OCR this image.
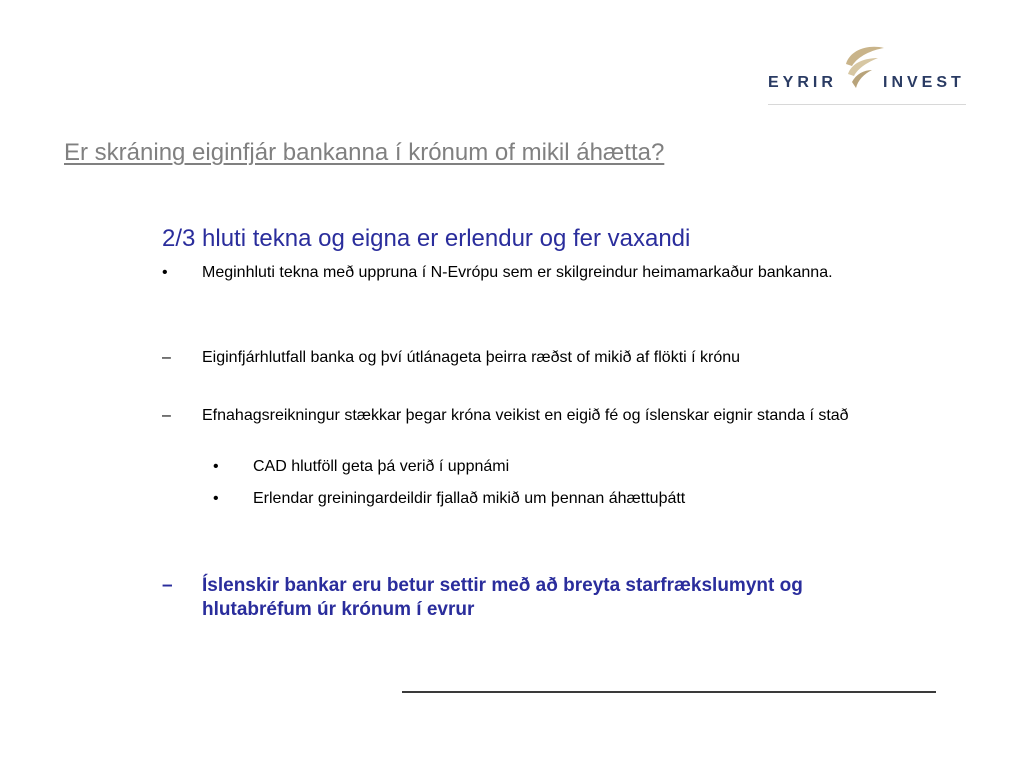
EYRIR	INVEST
Er skráning eiginfjár bankanna í krónum of mikil áhætta?
2/3 hluti tekna og eigna er erlendur og fer vaxandi
• Meginhluti tekna með uppruna í N-Evrópu sem er skilgreindur heimamarkaður bankanna.
– Eiginfjárhlutfall banka og því útlánageta þeirra ræðst of mikið af flökti í krónu
– Efnahagsreikningur stækkar þegar króna veikist en eigið fé og íslenskar eignir standa í stað
• CAD hlutföll geta þá verið í uppnámi
• Erlendar greiningardeildir fjallað mikið um þennan áhættuþátt
– Íslenskir bankar eru betur settir með að breyta starfrækslumynt og hlutabréfum úr krónum í evrur
